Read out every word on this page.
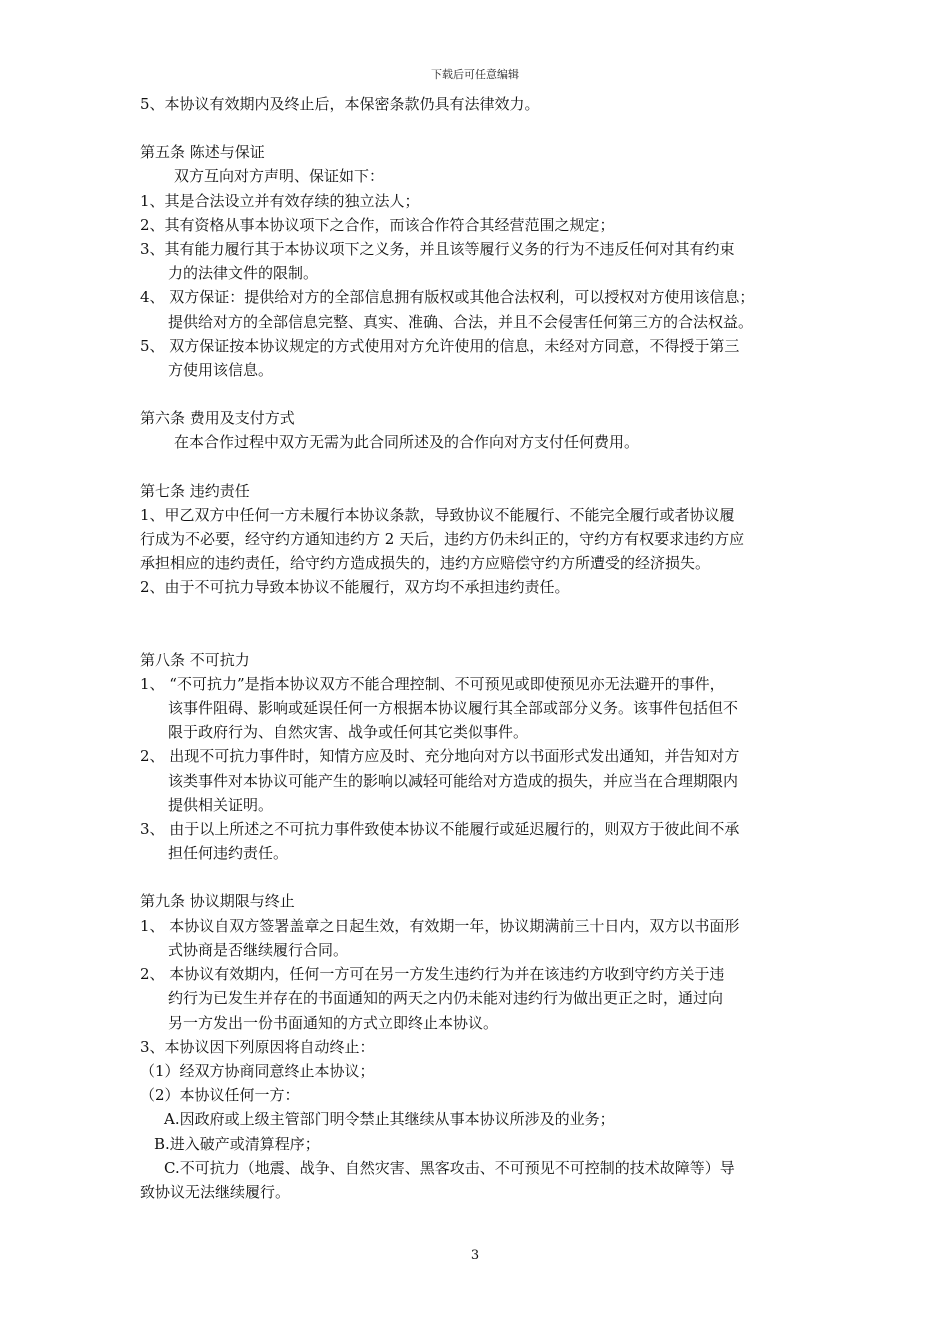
下载后可任意编辑
5、本协议有效期内及终止后，本保密条款仍具有法律效力。
第五条 陈述与保证
双方互向对方声明、保证如下：
1、其是合法设立并有效存续的独立法人；
2、其有资格从事本协议项下之合作，而该合作符合其经营范围之规定；
3、其有能力履行其于本协议项下之义务，并且该等履行义务的行为不违反任何对其有约束
力的法律文件的限制。
4、 双方保证：提供给对方的全部信息拥有版权或其他合法权利，可以授权对方使用该信息；
提供给对方的全部信息完整、真实、准确、合法，并且不会侵害任何第三方的合法权益。
5、 双方保证按本协议规定的方式使用对方允许使用的信息，未经对方同意，不得授于第三
方使用该信息。
第六条 费用及支付方式
在本合作过程中双方无需为此合同所述及的合作向对方支付任何费用。
第七条 违约责任
1、甲乙双方中任何一方未履行本协议条款，导致协议不能履行、不能完全履行或者协议履
行成为不必要，经守约方通知违约方 2 天后，违约方仍未纠正的，守约方有权要求违约方应
承担相应的违约责任，给守约方造成损失的，违约方应赔偿守约方所遭受的经济损失。
2、由于不可抗力导致本协议不能履行，双方均不承担违约责任。
第八条 不可抗力
1、 “不可抗力”是指本协议双方不能合理控制、不可预见或即使预见亦无法避开的事件，
该事件阻碍、影响或延误任何一方根据本协议履行其全部或部分义务。该事件包括但不
限于政府行为、自然灾害、战争或任何其它类似事件。
2、 出现不可抗力事件时，知情方应及时、充分地向对方以书面形式发出通知，并告知对方
该类事件对本协议可能产生的影响以减轻可能给对方造成的损失，并应当在合理期限内
提供相关证明。
3、 由于以上所述之不可抗力事件致使本协议不能履行或延迟履行的，则双方于彼此间不承
担任何违约责任。
第九条 协议期限与终止
1、 本协议自双方签署盖章之日起生效，有效期一年，协议期满前三十日内，双方以书面形
式协商是否继续履行合同。
2、 本协议有效期内，任何一方可在另一方发生违约行为并在该违约方收到守约方关于违
约行为已发生并存在的书面通知的两天之内仍未能对违约行为做出更正之时，通过向
另一方发出一份书面通知的方式立即终止本协议。
3、本协议因下列原因将自动终止：
（1）经双方协商同意终止本协议；
（2）本协议任何一方：
A.因政府或上级主管部门明令禁止其继续从事本协议所涉及的业务；
B.进入破产或清算程序；
C.不可抗力（地震、战争、自然灾害、黑客攻击、不可预见不可控制的技术故障等）导
致协议无法继续履行。
3
